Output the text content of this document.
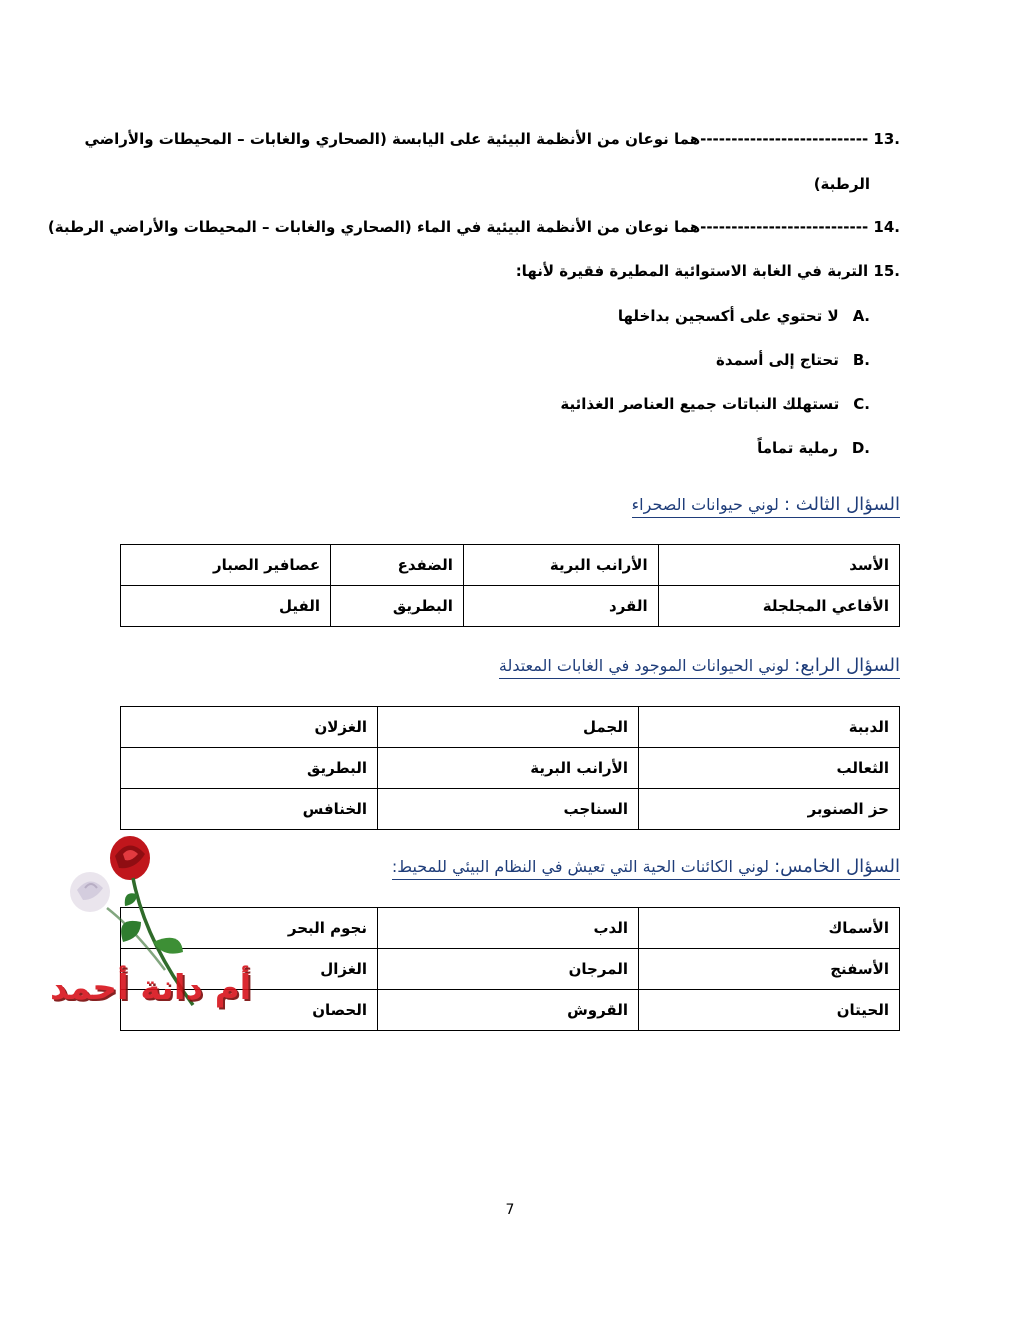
.13 ---------------------------هما نوعان من الأنظمة البيئية على اليابسة (الصحاري والغابات – المحيطات والأراضي
الرطبة)
.14 ---------------------------هما نوعان من الأنظمة البيئية في الماء (الصحاري والغابات – المحيطات والأراضي الرطبة)
.15 التربة في الغابة الاستوائية المطيرة فقيرة لأنها:
.Aلا تحتوي على أكسجين بداخلها
.Bتحتاج إلى أسمدة
.Cتستهلك النباتات جميع العناصر الغذائية
.Dرملية تماماً
السؤال الثالث : لوني حيوانات الصحراء
الأسد	الأرانب البرية	الضفدع	عصافير الصبار
الأفاعي المجلجلة	القرد	البطريق	الفيل
السؤال الرابع: لوني الحيوانات الموجود في الغابات المعتدلة
الدببة	الجمل	الغزلان
الثعالب	الأرانب البرية	البطريق
حز الصنوبر	السناجب	الخنافس
السؤال الخامس: لوني الكائنات الحية التي تعيش في النظام البيئي للمحيط:
الأسماك	الدب	نجوم البحر
الأسفنج	المرجان	الغزال
الحيتان	القروش	الحصان
أم دانة أحمد
7
